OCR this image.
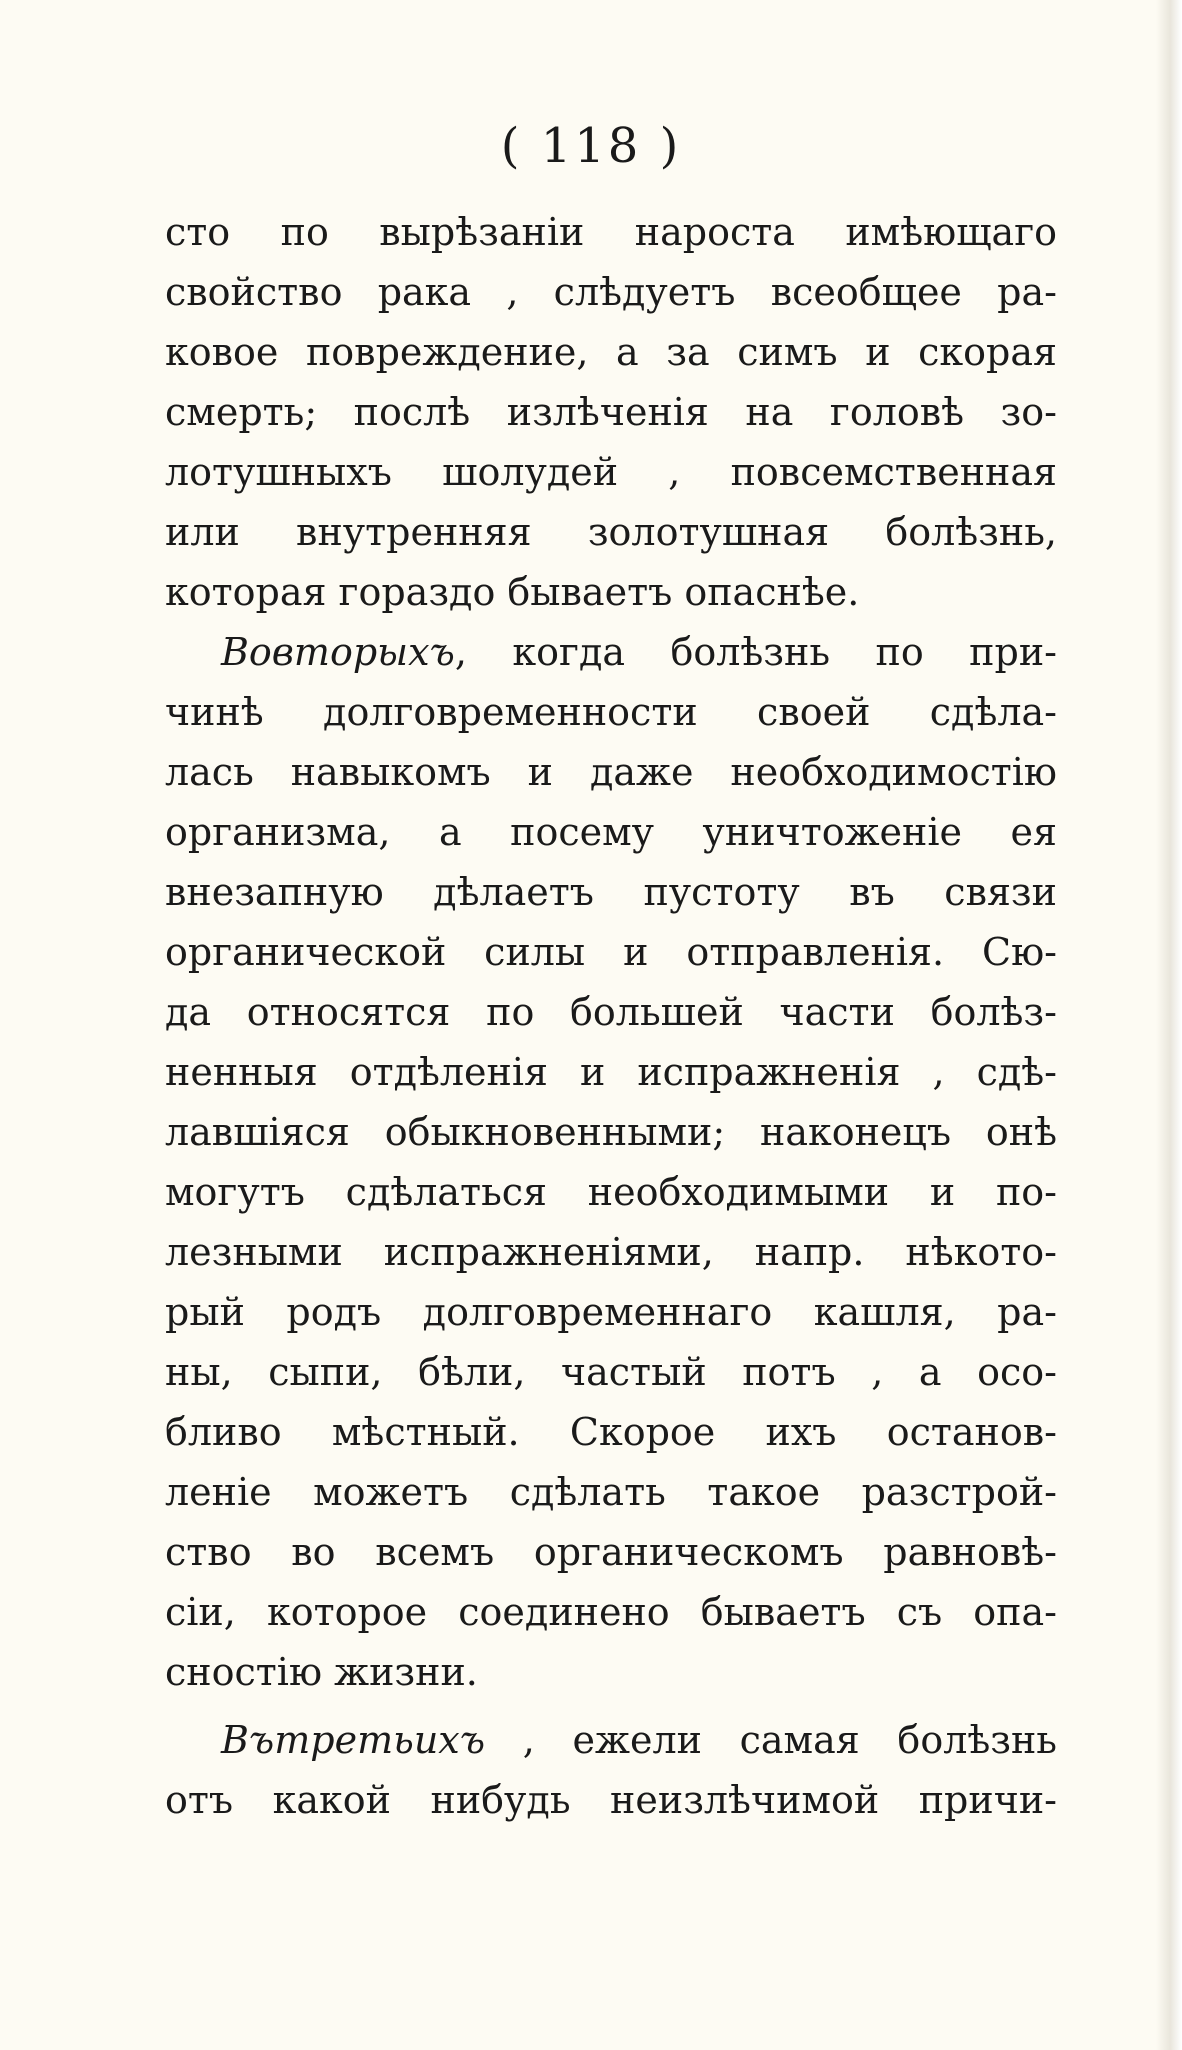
( 118 )

сто по вырѣзаніи нароста имѣющаго
свойство рака , слѣдуетъ всеобщее ра-
ковое повреждение, а за симъ и скорая
смерть; послѣ излѣченія на головѣ зо-
лотушныхъ шолудей , повсемственная
или внутренняя золотушная болѣзнь,
которая гораздо бываетъ опаснѣе.
Вовторыхъ, когда болѣзнь по при-
чинѣ долговременности своей сдѣла-
лась навыкомъ и даже необходимостію
организма, а посему уничтоженіе ея
внезапную дѣлаетъ пустоту въ связи
органической силы и отправленія. Сю-
да относятся по большей части болѣз-
ненныя отдѣленія и испражненія , сдѣ-
лавшіяся обыкновенными; наконецъ онѣ
могутъ сдѣлаться необходимыми и по-
лезными испражненіями, напр. нѣкото-
рый родъ долговременнаго кашля, ра-
ны, сыпи, бѣли, частый потъ , а осо-
бливо мѣстный. Скорое ихъ останов-
леніе можетъ сдѣлать такое разстрой-
ство во всемъ органическомъ равновѣ-
сіи, которое соединено бываетъ съ опа-
сностію жизни.
Вътретьихъ , ежели самая болѣзнь
отъ какой нибудь неизлѣчимой причи-
